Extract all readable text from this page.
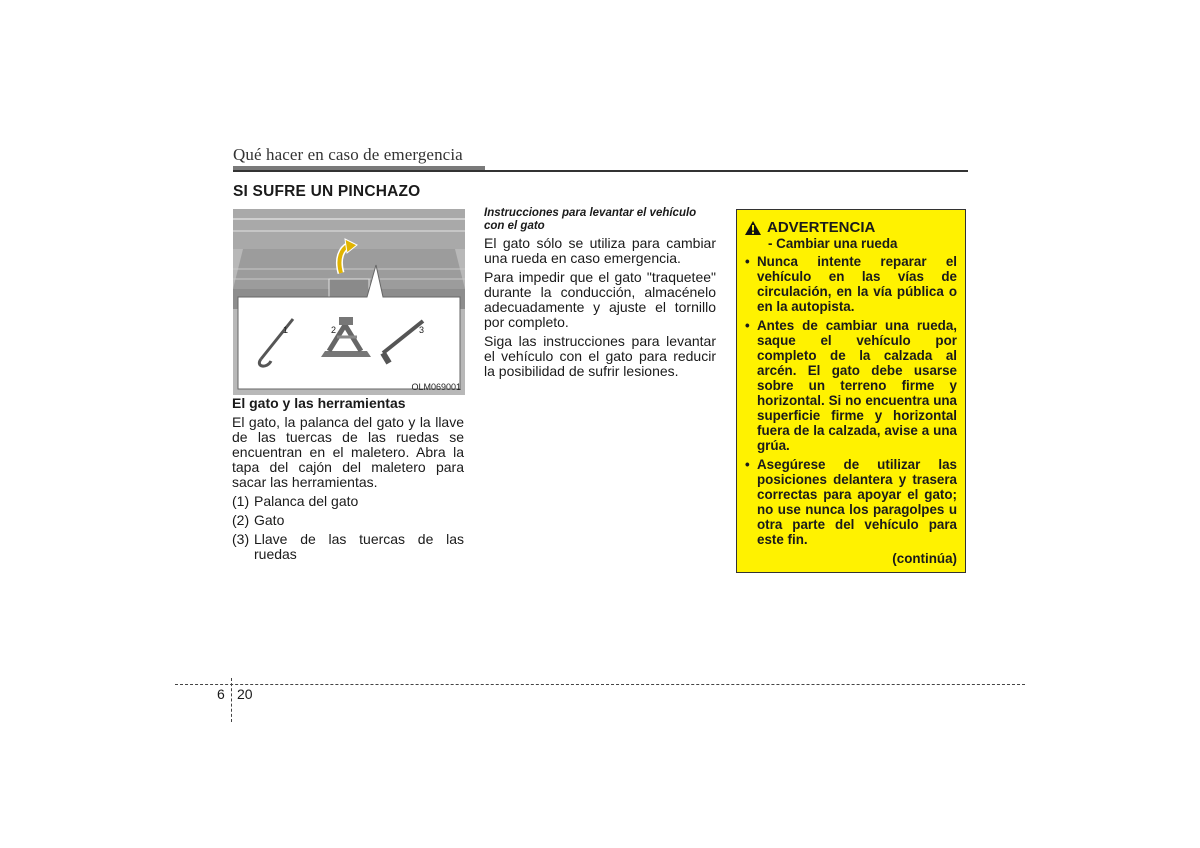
Qué hacer en caso de emergencia
SI SUFRE UN PINCHAZO
1	2	3
OLM069001
El gato y las herramientas

El gato, la palanca del gato y la llave de las tuercas de las ruedas se encuentran en el maletero. Abra la tapa del cajón del maletero para sacar las herramientas.

(1) Palanca del gato
(2) Gato
(3) Llave de las tuercas de las ruedas
Instrucciones para levantar el vehículo con el gato

El gato sólo se utiliza para cambiar una rueda en caso emergencia.

Para impedir que el gato "traquetee" durante la conducción, almacénelo adecuadamente y ajuste el tornillo por completo.

Siga las instrucciones para levantar el vehículo con el gato para reducir la posibilidad de sufrir lesiones.

ADVERTENCIA
- Cambiar una rueda
• Nunca intente reparar el vehículo en las vías de circulación, en la vía pública o en la autopista.
• Antes de cambiar una rueda, saque el vehículo por completo de la calzada al arcén. El gato debe usarse sobre un terreno firme y horizontal. Si no encuentra una superficie firme y horizontal fuera de la calzada, avise a una grúa.
• Asegúrese de utilizar las posiciones delantera y trasera correctas para apoyar el gato; no use nunca los paragolpes u otra parte del vehículo para este fin.
(continúa)
6 20
